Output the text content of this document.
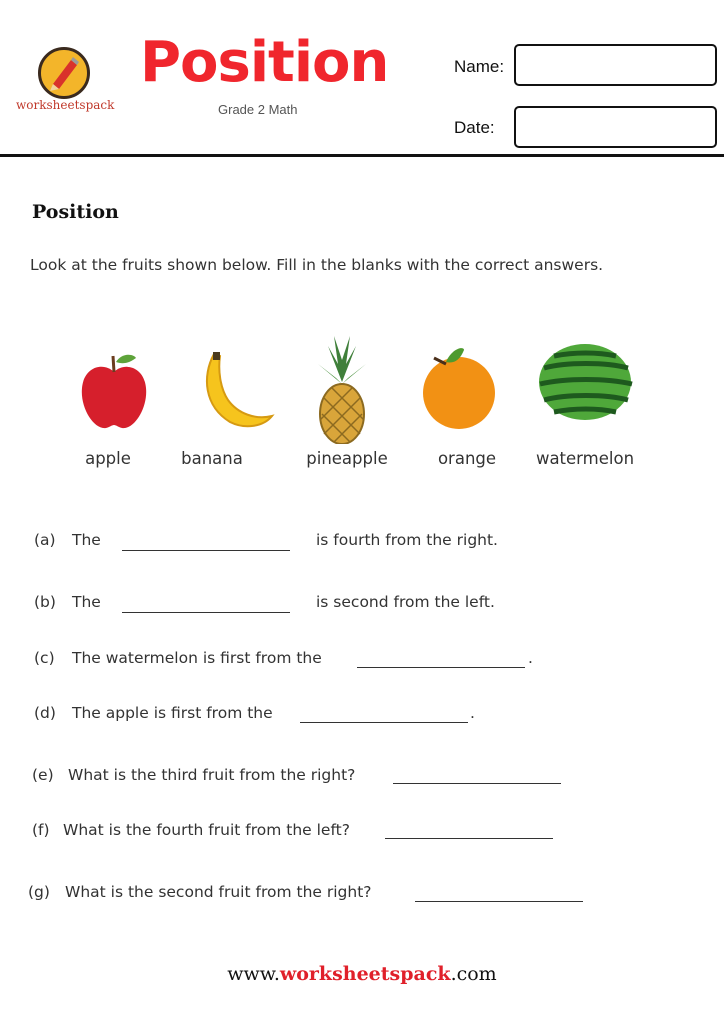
worksheetspack
Position
Grade 2 Math
Name:
Date:
Position
Look at the fruits shown below. Fill in the blanks with the correct answers.
apple	banana	pineapple	orange	watermelon
(a) The	is fourth from the right.
(b) The	is second from the left.
(c) The watermelon is first from the	.
(d) The apple is first from the	.
(e) What is the third fruit from the right?
(f) What is the fourth fruit from the left?
(g) What is the second fruit from the right?
www.worksheetspack.com
